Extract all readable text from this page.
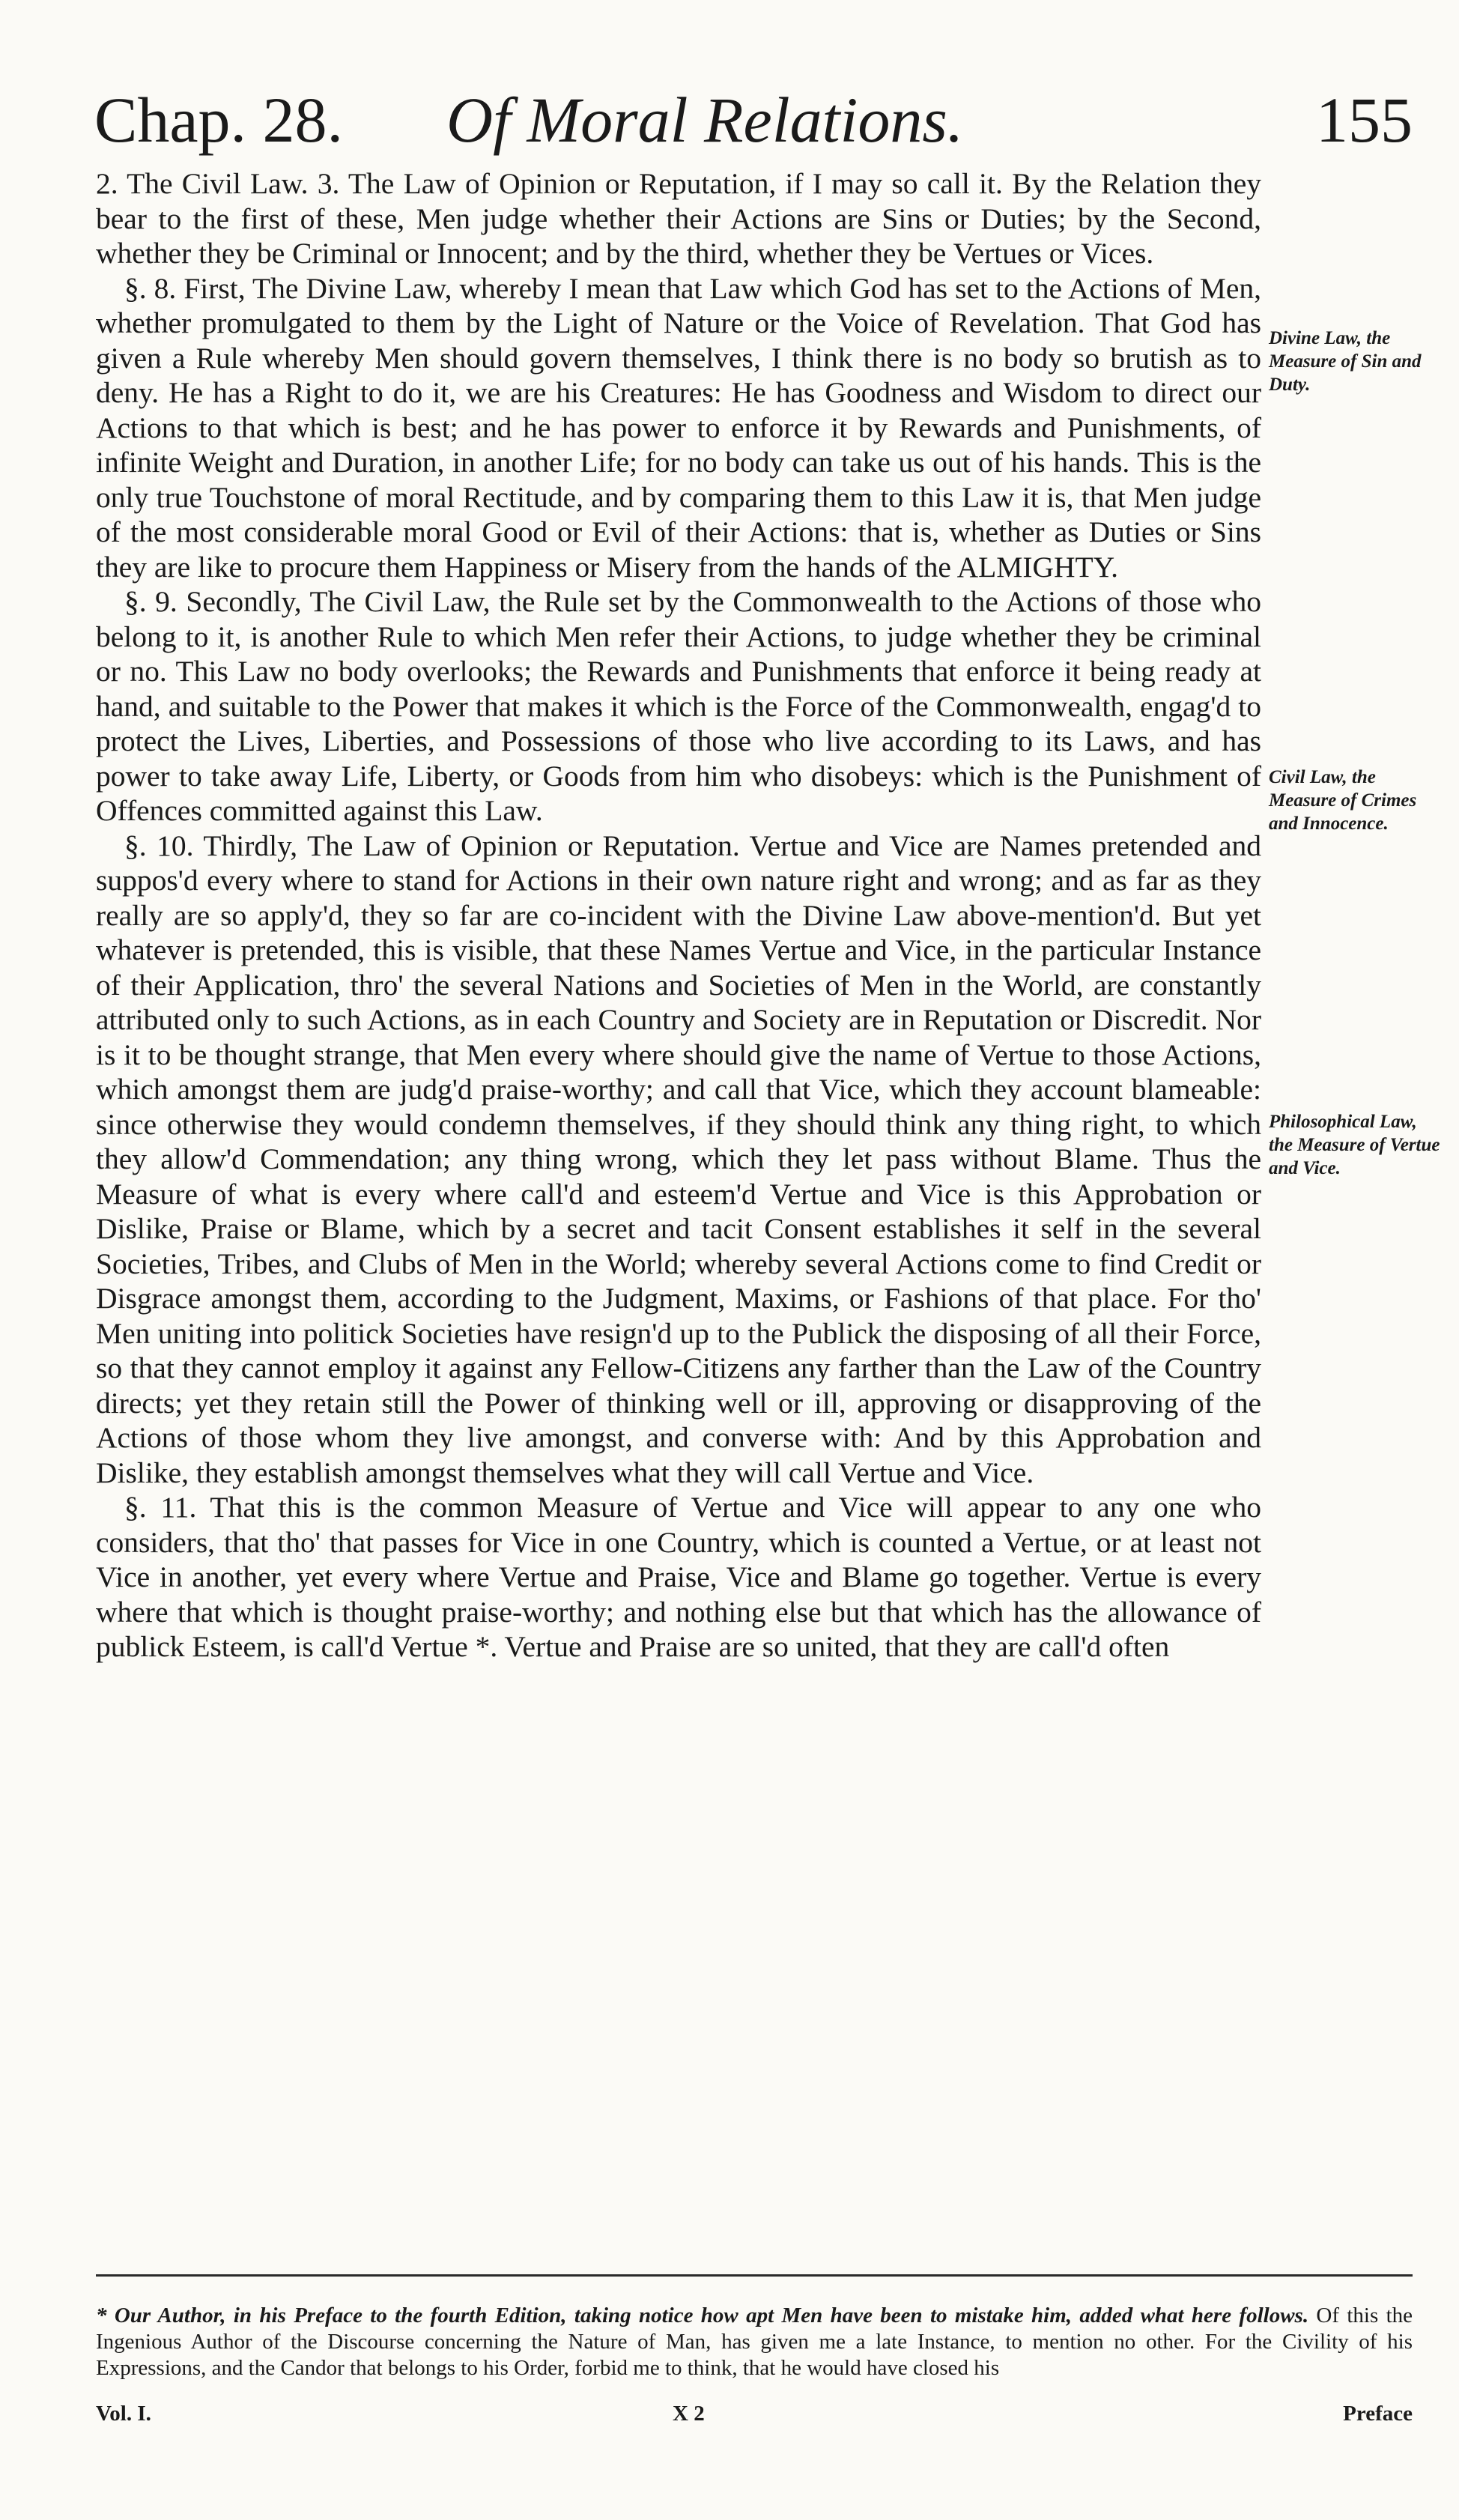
Chap. 28. Of Moral Relations.	155

2. The Civil Law. 3. The Law of Opinion or Reputation, if I may so call it. By the Relation they bear to the first of these, Men judge whether their Actions are Sins or Duties; by the Second, whether they be Criminal or Innocent; and by the third, whether they be Vertues or Vices.

§. 8. First, The Divine Law, whereby I mean that Law which God has set to the Actions of Men, whether promulgated to them by the Light of Nature or the Voice of Revelation. That God has given a Rule whereby Men should govern themselves, I think there is no body so brutish as to deny. He has a Right to do it, we are his Creatures: He has Goodness and Wisdom to direct our Actions to that which is best; and he has power to enforce it by Rewards and Punishments, of infinite Weight and Duration, in another Life; for no body can take us out of his hands. This is the only true Touchstone of moral Rectitude, and by comparing them to this Law it is, that Men judge of the most considerable moral Good or Evil of their Actions: that is, whether as Duties or Sins they are like to procure them Happiness or Misery from the hands of the ALMIGHTY.

§. 9. Secondly, The Civil Law, the Rule set by the Commonwealth to the Actions of those who belong to it, is another Rule to which Men refer their Actions, to judge whether they be criminal or no. This Law no body overlooks; the Rewards and Punishments that enforce it being ready at hand, and suitable to the Power that makes it which is the Force of the Commonwealth, engag'd to protect the Lives, Liberties, and Possessions of those who live according to its Laws, and has power to take away Life, Liberty, or Goods from him who disobeys: which is the Punishment of Offences committed against this Law.

§. 10. Thirdly, The Law of Opinion or Reputation. Vertue and Vice are Names pretended and suppos'd every where to stand for Actions in their own nature right and wrong; and as far as they really are so apply'd, they so far are co-incident with the Divine Law above-mention'd. But yet whatever is pretended, this is visible, that these Names Vertue and Vice, in the particular Instance of their Application, thro' the several Nations and Societies of Men in the World, are constantly attributed only to such Actions, as in each Country and Society are in Reputation or Discredit. Nor is it to be thought strange, that Men every where should give the name of Vertue to those Actions, which amongst them are judg'd praise-worthy; and call that Vice, which they account blameable: since otherwise they would condemn themselves, if they should think any thing right, to which they allow'd Commendation; any thing wrong, which they let pass without Blame. Thus the Measure of what is every where call'd and esteem'd Vertue and Vice is this Approbation or Dislike, Praise or Blame, which by a secret and tacit Consent establishes it self in the several Societies, Tribes, and Clubs of Men in the World; whereby several Actions come to find Credit or Disgrace amongst them, according to the Judgment, Maxims, or Fashions of that place. For tho' Men uniting into politick Societies have resign'd up to the Publick the disposing of all their Force, so that they cannot employ it against any Fellow-Citizens any farther than the Law of the Country directs; yet they retain still the Power of thinking well or ill, approving or disapproving of the Actions of those whom they live amongst, and converse with: And by this Approbation and Dislike, they establish amongst themselves what they will call Vertue and Vice.

§. 11. That this is the common Measure of Vertue and Vice will appear to any one who considers, that tho' that passes for Vice in one Country, which is counted a Vertue, or at least not Vice in another, yet every where Vertue and Praise, Vice and Blame go together. Vertue is every where that which is thought praise-worthy; and nothing else but that which has the allowance of publick Esteem, is call'd Vertue *. Vertue and Praise are so united, that they are call'd often

Divine Law, the Measure of Sin and Duty.
Civil Law, the Measure of Crimes and Innocence.
Philosophical Law, the Measure of Vertue and Vice.
* Our Author, in his Preface to the fourth Edition, taking notice how apt Men have been to mistake him, added what here follows. Of this the Ingenious Author of the Discourse concerning the Nature of Man, has given me a late Instance, to mention no other. For the Civility of his Expressions, and the Candor that belongs to his Order, forbid me to think, that he would have closed his
Vol. I.	X 2	Preface
